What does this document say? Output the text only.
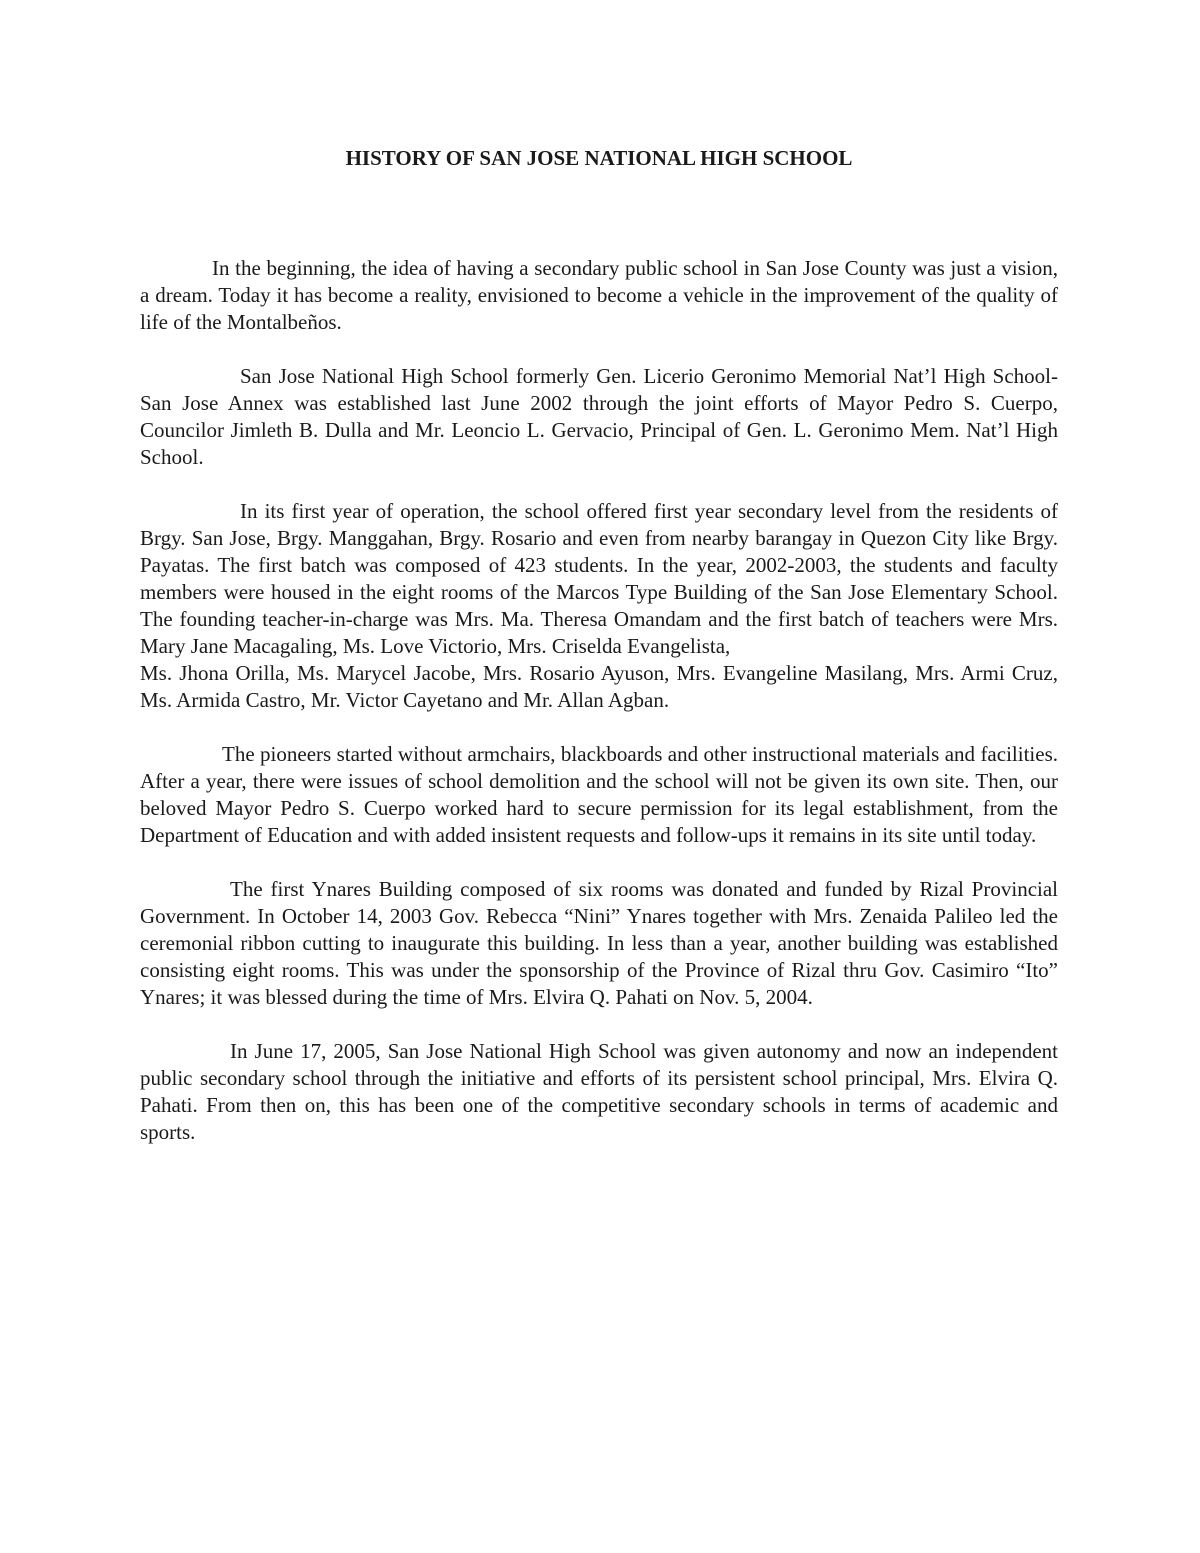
HISTORY OF SAN JOSE NATIONAL HIGH SCHOOL

In the beginning, the idea of having a secondary public school in San Jose County was just a vision, a dream. Today it has become a reality, envisioned to become a vehicle in the improvement of the quality of life of the Montalbeños.

San Jose National High School formerly Gen. Licerio Geronimo Memorial Nat’l High School- San Jose Annex was established last June 2002 through the joint efforts of Mayor Pedro S. Cuerpo, Councilor Jimleth B. Dulla and Mr. Leoncio L. Gervacio, Principal of Gen. L. Geronimo Mem. Nat’l High School.

In its first year of operation, the school offered first year secondary level from the residents of Brgy. San Jose, Brgy. Manggahan, Brgy. Rosario and even from nearby barangay in Quezon City like Brgy. Payatas. The first batch was composed of 423 students. In the year, 2002-2003, the students and faculty members were housed in the eight rooms of the Marcos Type Building of the San Jose Elementary School. The founding teacher-in-charge was Mrs. Ma. Theresa Omandam and the first batch of teachers were Mrs. Mary Jane Macagaling, Ms. Love Victorio, Mrs. Criselda Evangelista,

Ms. Jhona Orilla, Ms. Marycel Jacobe, Mrs. Rosario Ayuson, Mrs. Evangeline Masilang, Mrs. Armi Cruz, Ms. Armida Castro, Mr. Victor Cayetano and Mr. Allan Agban.

The pioneers started without armchairs, blackboards and other instructional materials and facilities. After a year, there were issues of school demolition and the school will not be given its own site. Then, our beloved Mayor Pedro S. Cuerpo worked hard to secure permission for its legal establishment, from the Department of Education and with added insistent requests and follow-ups it remains in its site until today.

The first Ynares Building composed of six rooms was donated and funded by Rizal Provincial Government. In October 14, 2003 Gov. Rebecca “Nini” Ynares together with Mrs. Zenaida Palileo led the ceremonial ribbon cutting to inaugurate this building. In less than a year, another building was established consisting eight rooms. This was under the sponsorship of the Province of Rizal thru Gov. Casimiro “Ito” Ynares; it was blessed during the time of Mrs. Elvira Q. Pahati on Nov. 5, 2004.

In June 17, 2005, San Jose National High School was given autonomy and now an independent public secondary school through the initiative and efforts of its persistent school principal, Mrs. Elvira Q. Pahati. From then on, this has been one of the competitive secondary schools in terms of academic and sports.
